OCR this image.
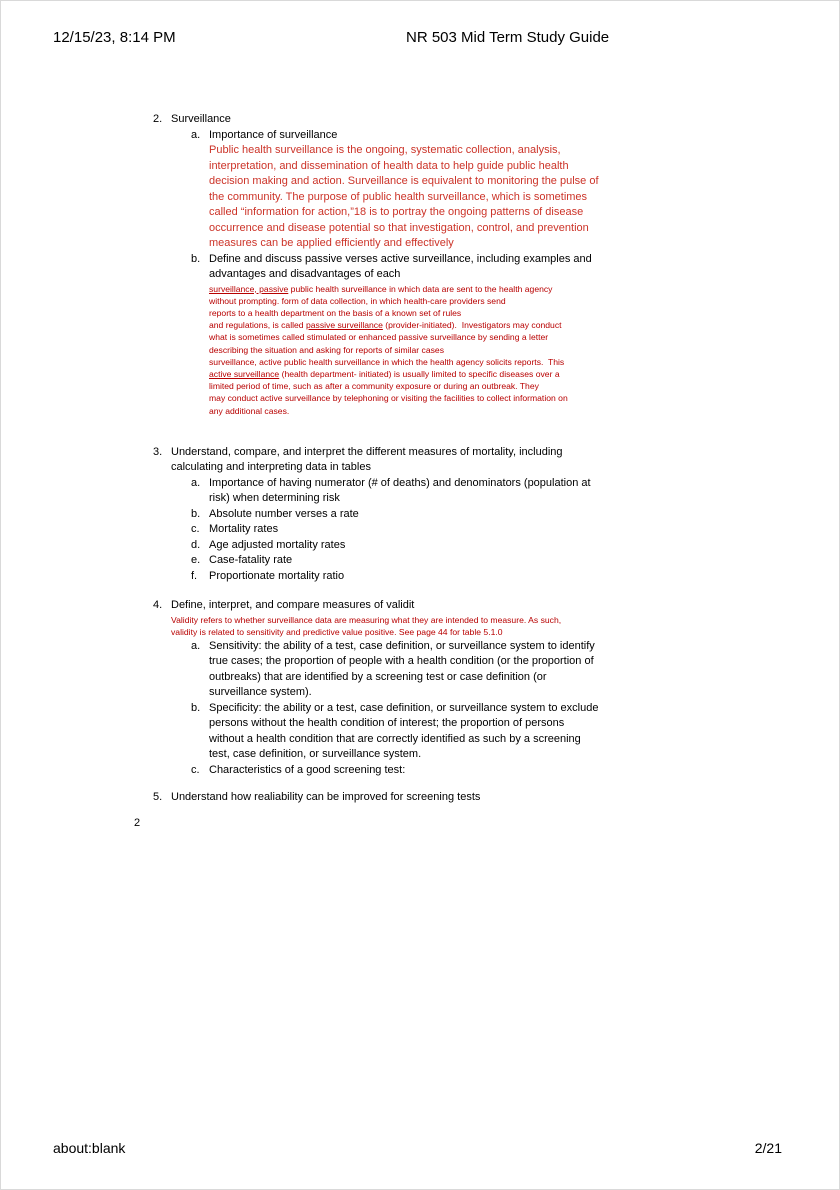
12/15/23, 8:14 PM	NR 503 Mid Term Study Guide
2. Surveillance
a. Importance of surveillance
Public health surveillance is the ongoing, systematic collection, analysis,
interpretation, and dissemination of health data to help guide public health
decision making and action. Surveillance is equivalent to monitoring the pulse of
the community. The purpose of public health surveillance, which is sometimes
called “information for action,”18 is to portray the ongoing patterns of disease
occurrence and disease potential so that investigation, control, and prevention
measures can be applied efficiently and effectively
b. Define and discuss passive verses active surveillance, including examples and
advantages and disadvantages of each
surveillance, passive public health surveillance in which data are sent to the health agency
without prompting. form of data collection, in which health-care providers send
reports to a health department on the basis of a known set of rules
and regulations, is called passive surveillance (provider-initiated).  Investigators may conduct
what is sometimes called stimulated or enhanced passive surveillance by sending a letter
describing the situation and asking for reports of similar cases
surveillance, active public health surveillance in which the health agency solicits reports.  This
active surveillance (health department- initiated) is usually limited to specific diseases over a
limited period of time, such as after a community exposure or during an outbreak. They
may conduct active surveillance by telephoning or visiting the facilities to collect information on
any additional cases.
3. Understand, compare, and interpret the different measures of mortality, including
calculating and interpreting data in tables
a. Importance of having numerator (# of deaths) and denominators (population at
risk) when determining risk
b. Absolute number verses a rate
c. Mortality rates
d. Age adjusted mortality rates
e. Case-fatality rate
f.	Proportionate mortality ratio
4. Define, interpret, and compare measures of validit
Validity refers to whether surveillance data are measuring what they are intended to measure. As such,
validity is related to sensitivity and predictive value positive. See page 44 for table 5.1.0
a. Sensitivity: the ability of a test, case definition, or surveillance system to identify
true cases; the proportion of people with a health condition (or the proportion of
outbreaks) that are identified by a screening test or case definition (or
surveillance system).
b. Specificity: the ability or a test, case definition, or surveillance system to exclude
persons without the health condition of interest; the proportion of persons
without a health condition that are correctly identified as such by a screening
test, case definition, or surveillance system.
c. Characteristics of a good screening test:
5. Understand how realiability can be improved for screening tests
2
about:blank	2/21
